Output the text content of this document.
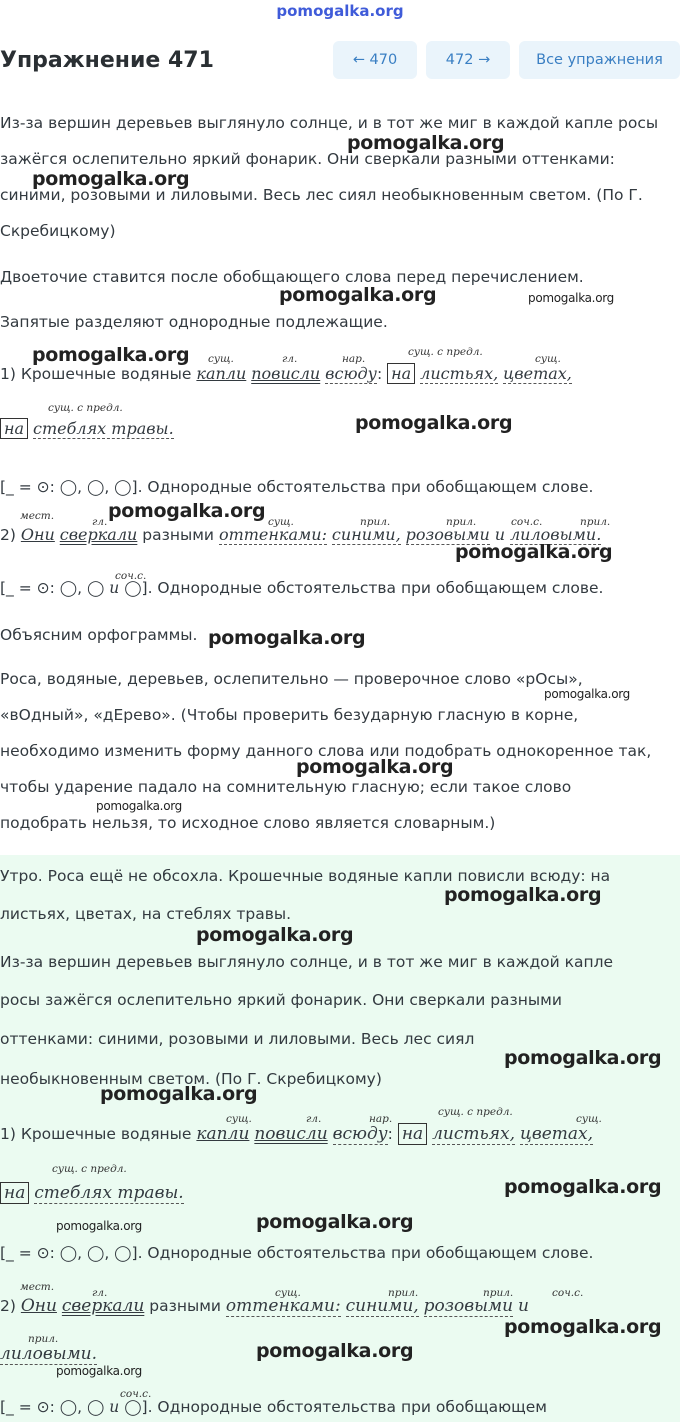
pomogalka.org
Упражнение 471	← 470	472 →	Все упражнения
Из-за вершин деревьев выглянуло солнце, и в тот же миг в каждой капле росы
зажёгся ослепительно яркий фонарик. Они сверкали разными оттенками:
синими, розовыми и лиловыми. Весь лес сиял необыкновенным светом. (По Г.
Скребицкому)
Двоеточие ставится после обобщающего слова перед перечислением.
Запятые разделяют однородные подлежащие.
1) Крошечные водяные капли повисли всюду: на листьях, цветах,
сущ.	гл.	нар.
сущ. с предл.
сущ.
на стеблях травы.
сущ. с предл.
[_ = ⊙: ◯, ◯, ◯]. Однородные обстоятельства при обобщающем слове.
2) Они сверкали разными оттенками: синими, розовыми и лиловыми.
мест.	гл.	сущ.	прил.	прил.	соч.с.	прил.
[_ = ⊙: ◯, ◯ и ◯]. Однородные обстоятельства при обобщающем слове.
соч.с.
Объясним орфограммы.
Роса, водяные, деревьев, ослепительно — проверочное слово «рОсы»,
«вОдный», «дЕрево». (Чтобы проверить безударную гласную в корне,
необходимо изменить форму данного слова или подобрать однокоренное так,
чтобы ударение падало на сомнительную гласную; если такое слово
подобрать нельзя, то исходное слово является словарным.)
Утро. Роса ещё не обсохла. Крошечные водяные капли повисли всюду: на
листьях, цветах, на стеблях травы.
Из-за вершин деревьев выглянуло солнце, и в тот же миг в каждой капле
росы зажёгся ослепительно яркий фонарик. Они сверкали разными
оттенками: синими, розовыми и лиловыми. Весь лес сиял
необыкновенным светом. (По Г. Скребицкому)
1) Крошечные водяные капли повисли всюду: на листьях, цветах,
сущ.	гл.	нар.
сущ. с предл.
сущ.
на стеблях травы.
сущ. с предл.
[_ = ⊙: ◯, ◯, ◯]. Однородные обстоятельства при обобщающем слове.
2) Они сверкали разными оттенками: синими, розовыми и
мест.	гл.	сущ.	прил.	прил.	соч.с.
лиловыми.
прил.
[_ = ⊙: ◯, ◯ и ◯]. Однородные обстоятельства при обобщающем
соч.с.
pomogalka.org
pomogalka.org
pomogalka.org	pomogalka.org
pomogalka.org
pomogalka.org
pomogalka.org
pomogalka.org
pomogalka.org
pomogalka.org
pomogalka.org
pomogalka.org
pomogalka.org
pomogalka.org
pomogalka.org
pomogalka.org
pomogalka.org
pomogalka.org
pomogalka.org
pomogalka.org
pomogalka.org
pomogalka.org
